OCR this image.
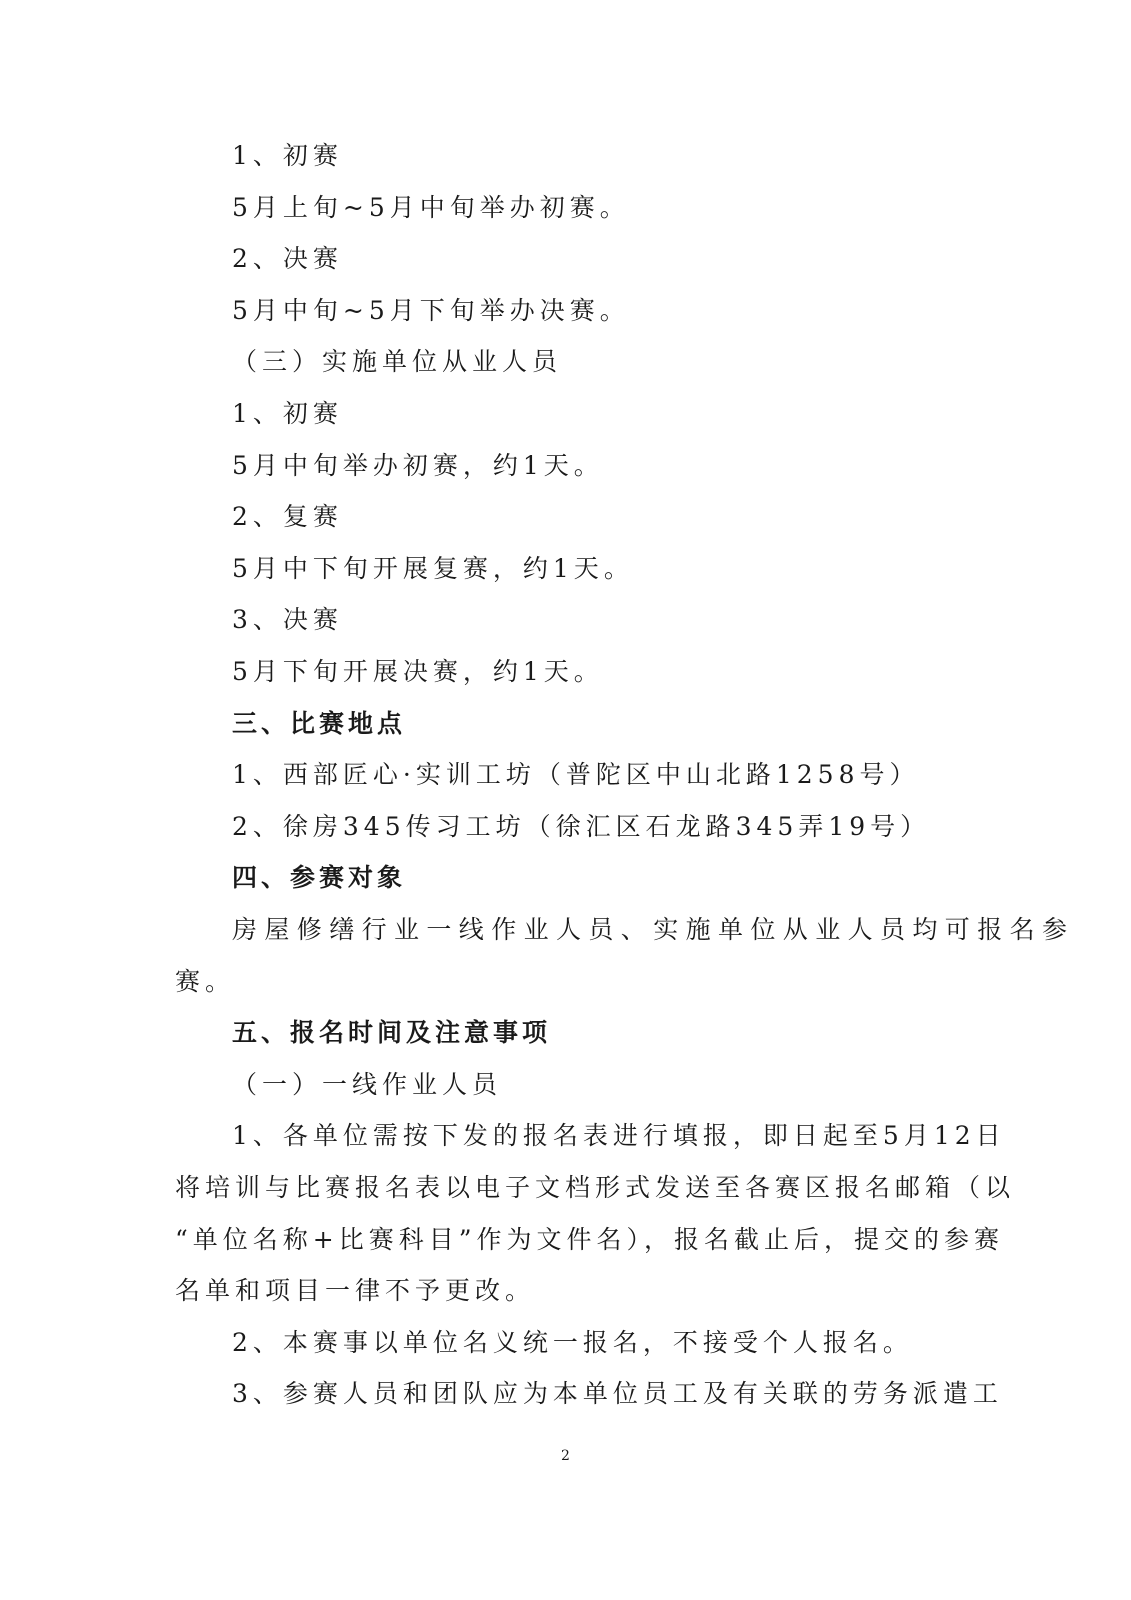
1、初赛
5月上旬~5月中旬举办初赛。
2、决赛
5月中旬~5月下旬举办决赛。
（三）实施单位从业人员
1、初赛
5月中旬举办初赛，约1天。
2、复赛
5月中下旬开展复赛，约1天。
3、决赛
5月下旬开展决赛，约1天。
三、比赛地点
1、西部匠心·实训工坊（普陀区中山北路1258号）
2、徐房345传习工坊（徐汇区石龙路345弄19号）
四、参赛对象
房屋修缮行业一线作业人员、实施单位从业人员均可报名参
赛。
五、报名时间及注意事项
（一）一线作业人员
1、各单位需按下发的报名表进行填报，即日起至5月12日
将培训与比赛报名表以电子文档形式发送至各赛区报名邮箱（以
“单位名称+比赛科目”作为文件名），报名截止后，提交的参赛
名单和项目一律不予更改。
2、本赛事以单位名义统一报名，不接受个人报名。
3、参赛人员和团队应为本单位员工及有关联的劳务派遣工
2
